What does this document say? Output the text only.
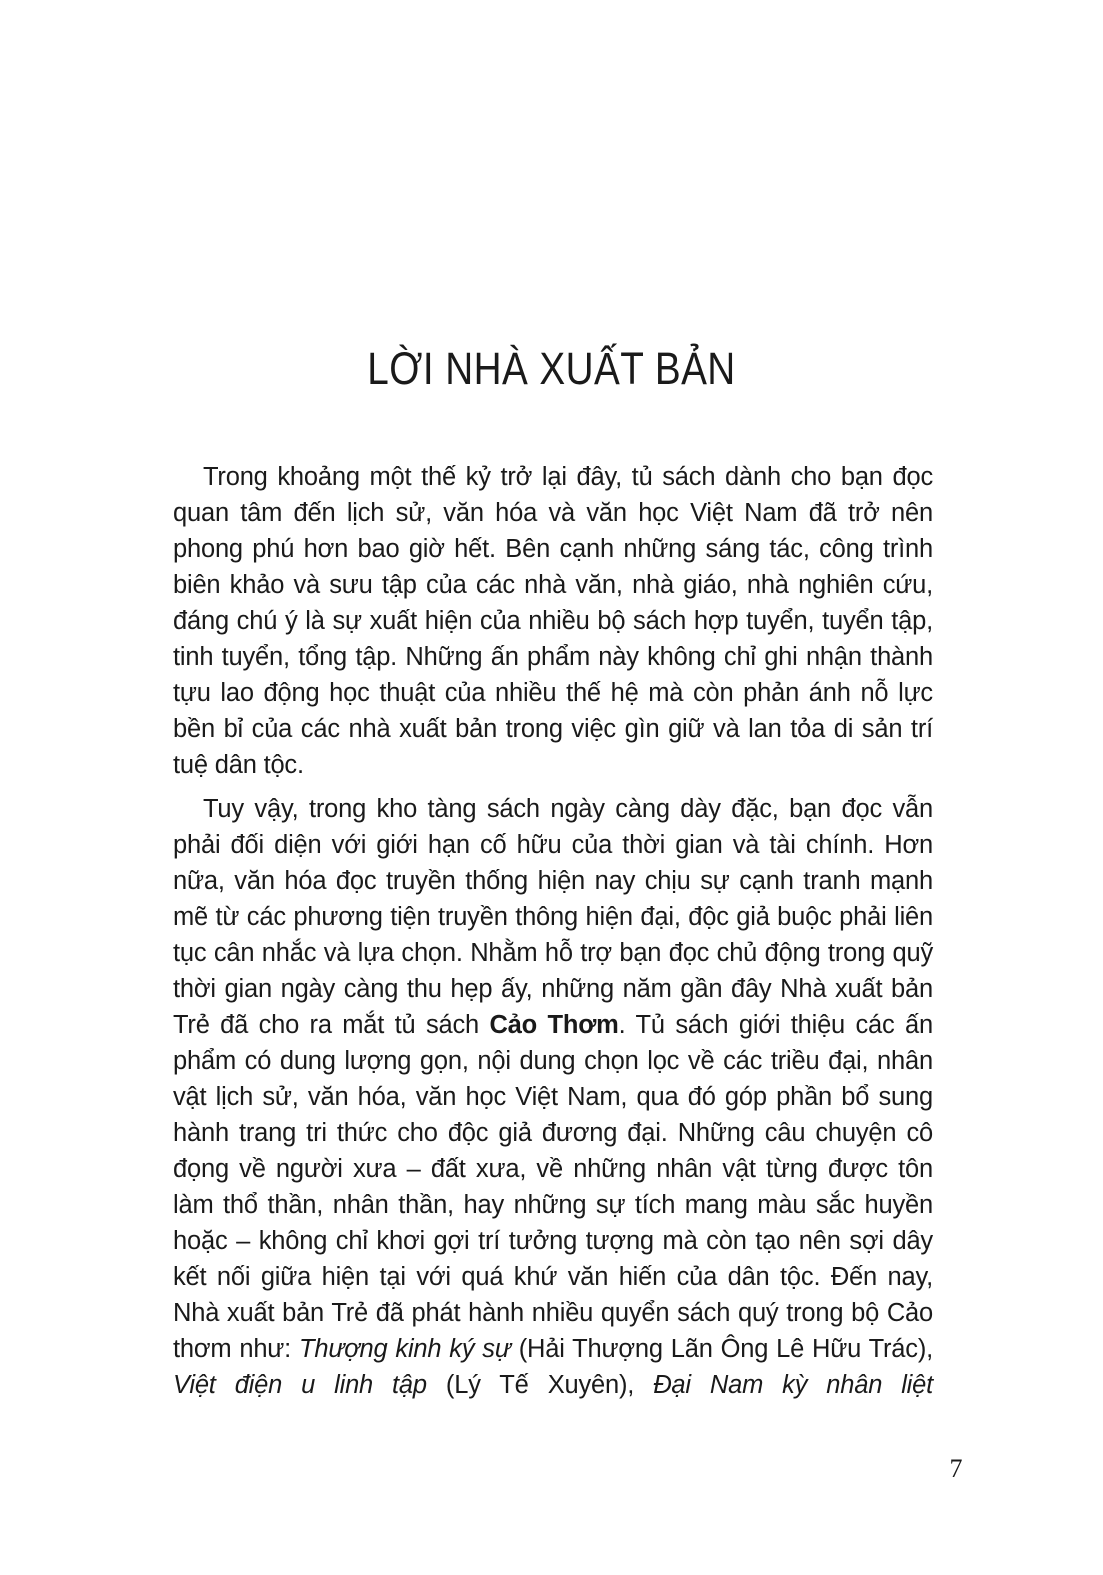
LỜI NHÀ XUẤT BẢN

Trong khoảng một thế kỷ trở lại đây, tủ sách dành cho bạn đọc quan tâm đến lịch sử, văn hóa và văn học Việt Nam đã trở nên phong phú hơn bao giờ hết. Bên cạnh những sáng tác, công trình biên khảo và sưu tập của các nhà văn, nhà giáo, nhà nghiên cứu, đáng chú ý là sự xuất hiện của nhiều bộ sách hợp tuyển, tuyển tập, tinh tuyển, tổng tập. Những ấn phẩm này không chỉ ghi nhận thành tựu lao động học thuật của nhiều thế hệ mà còn phản ánh nỗ lực bền bỉ của các nhà xuất bản trong việc gìn giữ và lan tỏa di sản trí tuệ dân tộc.

Tuy vậy, trong kho tàng sách ngày càng dày đặc, bạn đọc vẫn phải đối diện với giới hạn cố hữu của thời gian và tài chính. Hơn nữa, văn hóa đọc truyền thống hiện nay chịu sự cạnh tranh mạnh mẽ từ các phương tiện truyền thông hiện đại, độc giả buộc phải liên tục cân nhắc và lựa chọn. Nhằm hỗ trợ bạn đọc chủ động trong quỹ thời gian ngày càng thu hẹp ấy, những năm gần đây Nhà xuất bản Trẻ đã cho ra mắt tủ sách Cảo Thơm. Tủ sách giới thiệu các ấn phẩm có dung lượng gọn, nội dung chọn lọc về các triều đại, nhân vật lịch sử, văn hóa, văn học Việt Nam, qua đó góp phần bổ sung hành trang tri thức cho độc giả đương đại. Những câu chuyện cô đọng về người xưa – đất xưa, về những nhân vật từng được tôn làm thổ thần, nhân thần, hay những sự tích mang màu sắc huyền hoặc – không chỉ khơi gợi trí tưởng tượng mà còn tạo nên sợi dây kết nối giữa hiện tại với quá khứ văn hiến của dân tộc. Đến nay, Nhà xuất bản Trẻ đã phát hành nhiều quyển sách quý trong bộ Cảo thơm như: Thượng kinh ký sự (Hải Thượng Lãn Ông Lê Hữu Trác), Việt điện u linh tập (Lý Tế Xuyên), Đại Nam kỳ nhân liệt

7
